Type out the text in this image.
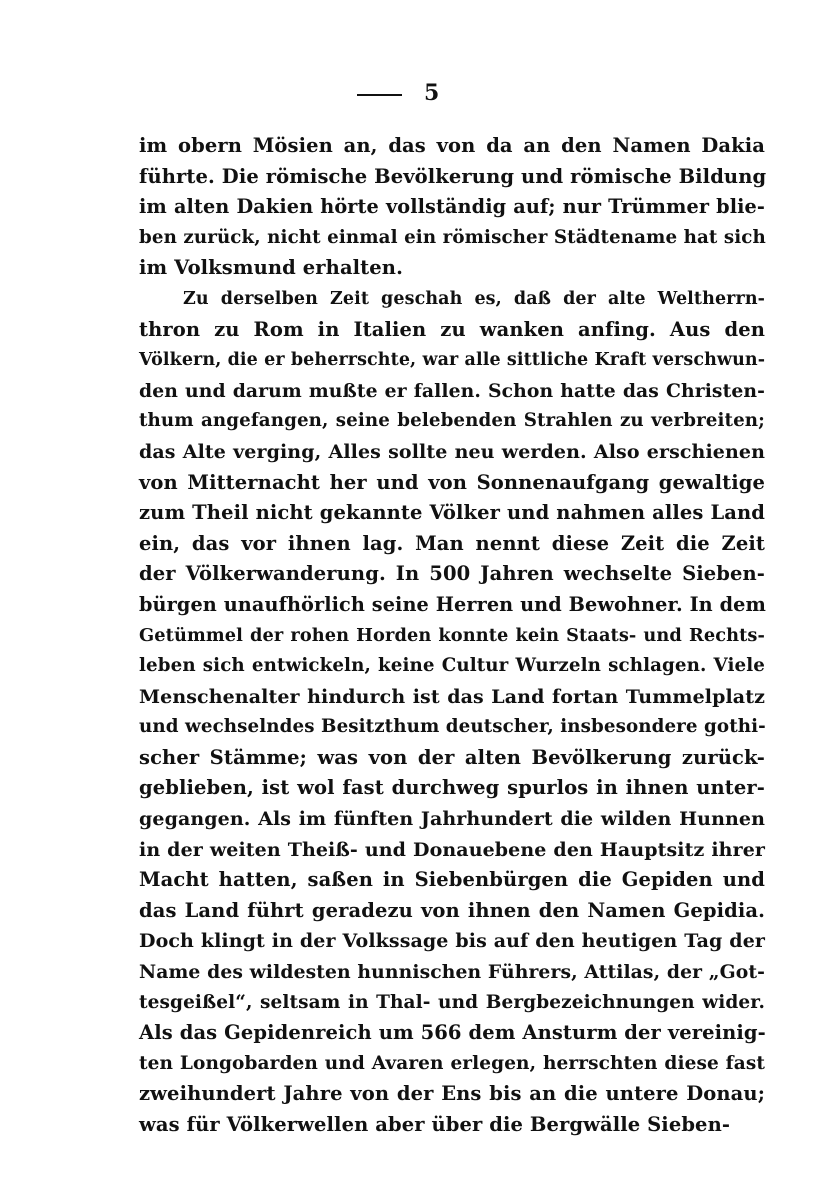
5
im obern Mösien an, das von da an den Namen Dakia
führte. Die römische Bevölkerung und römische Bildung
im alten Dakien hörte vollständig auf; nur Trümmer blie-
ben zurück, nicht einmal ein römischer Städtename hat sich
im Volksmund erhalten.
Zu derselben Zeit geschah es, daß der alte Weltherrn-
thron zu Rom in Italien zu wanken anfing. Aus den
Völkern, die er beherrschte, war alle sittliche Kraft verschwun-
den und darum mußte er fallen. Schon hatte das Christen-
thum angefangen, seine belebenden Strahlen zu verbreiten;
das Alte verging, Alles sollte neu werden. Also erschienen
von Mitternacht her und von Sonnenaufgang gewaltige
zum Theil nicht gekannte Völker und nahmen alles Land
ein, das vor ihnen lag. Man nennt diese Zeit die Zeit
der Völkerwanderung. In 500 Jahren wechselte Sieben-
bürgen unaufhörlich seine Herren und Bewohner. In dem
Getümmel der rohen Horden konnte kein Staats- und Rechts-
leben sich entwickeln, keine Cultur Wurzeln schlagen. Viele
Menschenalter hindurch ist das Land fortan Tummelplatz
und wechselndes Besitzthum deutscher, insbesondere gothi-
scher Stämme; was von der alten Bevölkerung zurück-
geblieben, ist wol fast durchweg spurlos in ihnen unter-
gegangen. Als im fünften Jahrhundert die wilden Hunnen
in der weiten Theiß- und Donauebene den Hauptsitz ihrer
Macht hatten, saßen in Siebenbürgen die Gepiden und
das Land führt geradezu von ihnen den Namen Gepidia.
Doch klingt in der Volkssage bis auf den heutigen Tag der
Name des wildesten hunnischen Führers, Attilas, der „Got-
tesgeißel“, seltsam in Thal- und Bergbezeichnungen wider.
Als das Gepidenreich um 566 dem Ansturm der vereinig-
ten Longobarden und Avaren erlegen, herrschten diese fast
zweihundert Jahre von der Ens bis an die untere Donau;
was für Völkerwellen aber über die Bergwälle Sieben-
